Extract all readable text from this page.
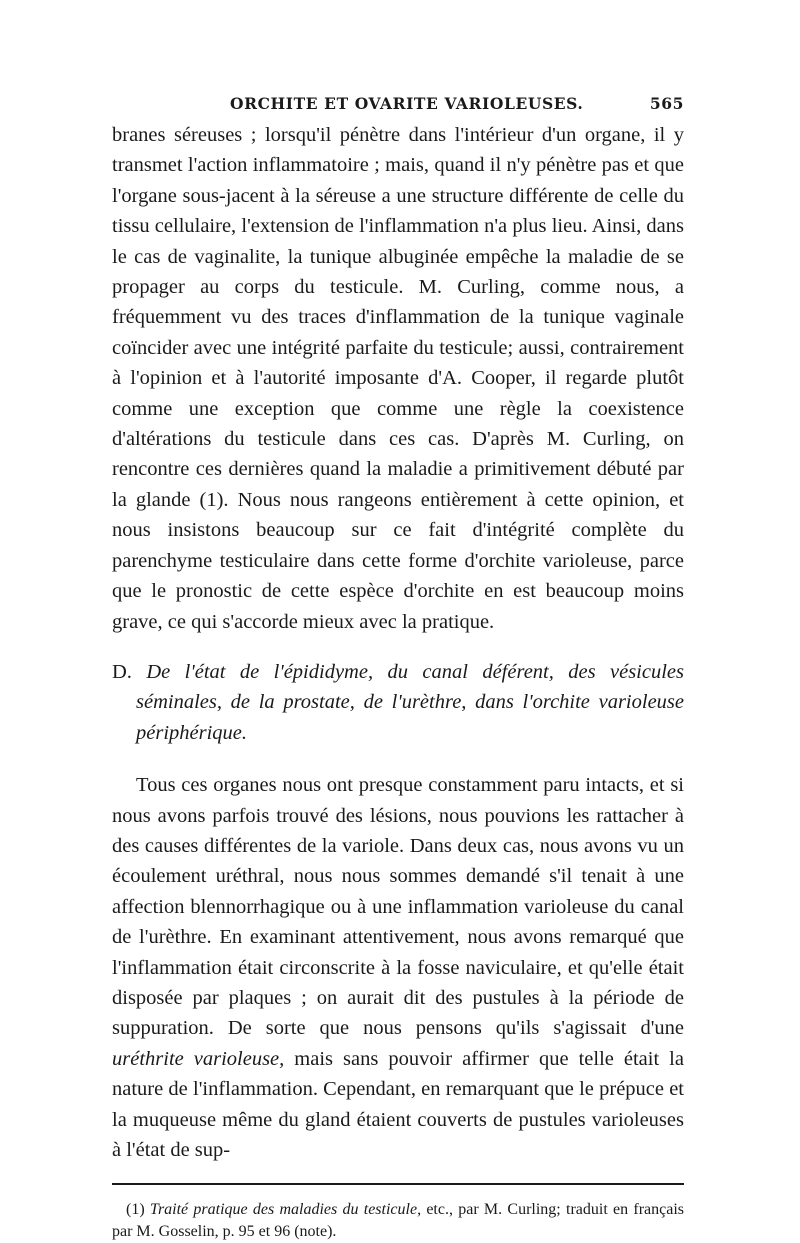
ORCHITE ET OVARITE VARIOLEUSES.	565

branes séreuses ; lorsqu'il pénètre dans l'intérieur d'un organe, il y transmet l'action inflammatoire ; mais, quand il n'y pénètre pas et que l'organe sous-jacent à la séreuse a une structure différente de celle du tissu cellulaire, l'extension de l'inflammation n'a plus lieu. Ainsi, dans le cas de vaginalite, la tunique albuginée empêche la maladie de se propager au corps du testicule. M. Curling, comme nous, a fréquemment vu des traces d'inflammation de la tunique vaginale coïncider avec une intégrité parfaite du testicule; aussi, contrairement à l'opinion et à l'autorité imposante d'A. Cooper, il regarde plutôt comme une exception que comme une règle la coexistence d'altérations du testicule dans ces cas. D'après M. Curling, on rencontre ces dernières quand la maladie a primitivement débuté par la glande (1). Nous nous rangeons entièrement à cette opinion, et nous insistons beaucoup sur ce fait d'intégrité complète du parenchyme testiculaire dans cette forme d'orchite varioleuse, parce que le pronostic de cette espèce d'orchite en est beaucoup moins grave, ce qui s'accorde mieux avec la pratique.

D. De l'état de l'épididyme, du canal déférent, des vésicules séminales, de la prostate, de l'urèthre, dans l'orchite varioleuse périphérique.

Tous ces organes nous ont presque constamment paru intacts, et si nous avons parfois trouvé des lésions, nous pouvions les rattacher à des causes différentes de la variole. Dans deux cas, nous avons vu un écoulement uréthral, nous nous sommes demandé s'il tenait à une affection blennorrhagique ou à une inflammation varioleuse du canal de l'urèthre. En examinant attentivement, nous avons remarqué que l'inflammation était circonscrite à la fosse naviculaire, et qu'elle était disposée par plaques ; on aurait dit des pustules à la période de suppuration. De sorte que nous pensons qu'ils s'agissait d'une uréthrite varioleuse, mais sans pouvoir affirmer que telle était la nature de l'inflammation. Cependant, en remarquant que le prépuce et la muqueuse même du gland étaient couverts de pustules varioleuses à l'état de sup-

(1) Traité pratique des maladies du testicule, etc., par M. Curling; traduit en français par M. Gosselin, p. 95 et 96 (note).
